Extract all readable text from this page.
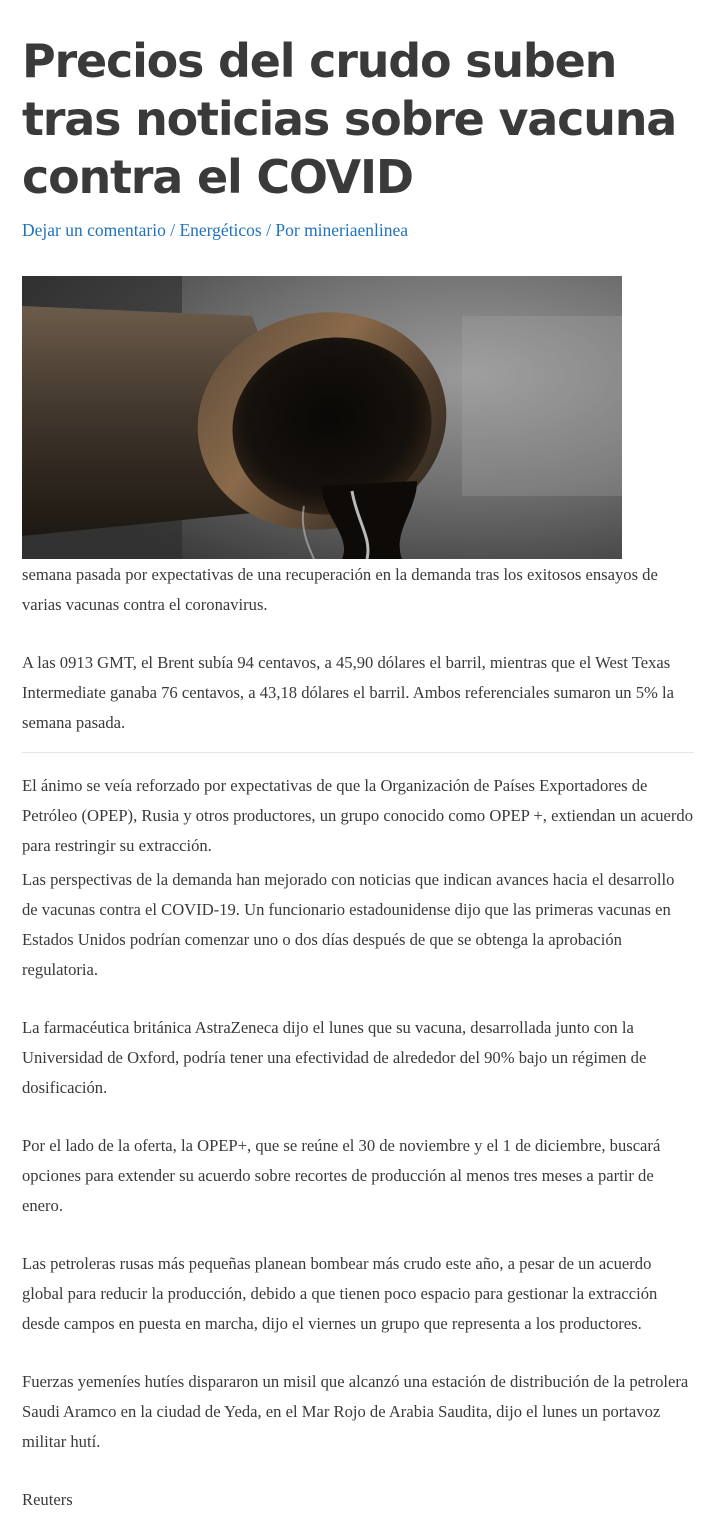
Precios del crudo suben tras noticias sobre vacuna contra el COVID
Dejar un comentario / Energéticos / Por mineriaenlinea

semana pasada por expectativas de una recuperación en la demanda tras los exitosos ensayos de varias vacunas contra el coronavirus.

A las 0913 GMT, el Brent subía 94 centavos, a 45,90 dólares el barril, mientras que el West Texas Intermediate ganaba 76 centavos, a 43,18 dólares el barril. Ambos referenciales sumaron un 5% la semana pasada.

El ánimo se veía reforzado por expectativas de que la Organización de Países Exportadores de Petróleo (OPEP), Rusia y otros productores, un grupo conocido como OPEP +, extiendan un acuerdo para restringir su extracción.

Las perspectivas de la demanda han mejorado con noticias que indican avances hacia el desarrollo de vacunas contra el COVID-19. Un funcionario estadounidense dijo que las primeras vacunas en Estados Unidos podrían comenzar uno o dos días después de que se obtenga la aprobación regulatoria.

La farmacéutica británica AstraZeneca dijo el lunes que su vacuna, desarrollada junto con la Universidad de Oxford, podría tener una efectividad de alrededor del 90% bajo un régimen de dosificación.

Por el lado de la oferta, la OPEP+, que se reúne el 30 de noviembre y el 1 de diciembre, buscará opciones para extender su acuerdo sobre recortes de producción al menos tres meses a partir de enero.

Las petroleras rusas más pequeñas planean bombear más crudo este año, a pesar de un acuerdo global para reducir la producción, debido a que tienen poco espacio para gestionar la extracción desde campos en puesta en marcha, dijo el viernes un grupo que representa a los productores.

Fuerzas yemeníes hutíes dispararon un misil que alcanzó una estación de distribución de la petrolera Saudi Aramco en la ciudad de Yeda, en el Mar Rojo de Arabia Saudita, dijo el lunes un portavoz militar hutí.

Reuters
